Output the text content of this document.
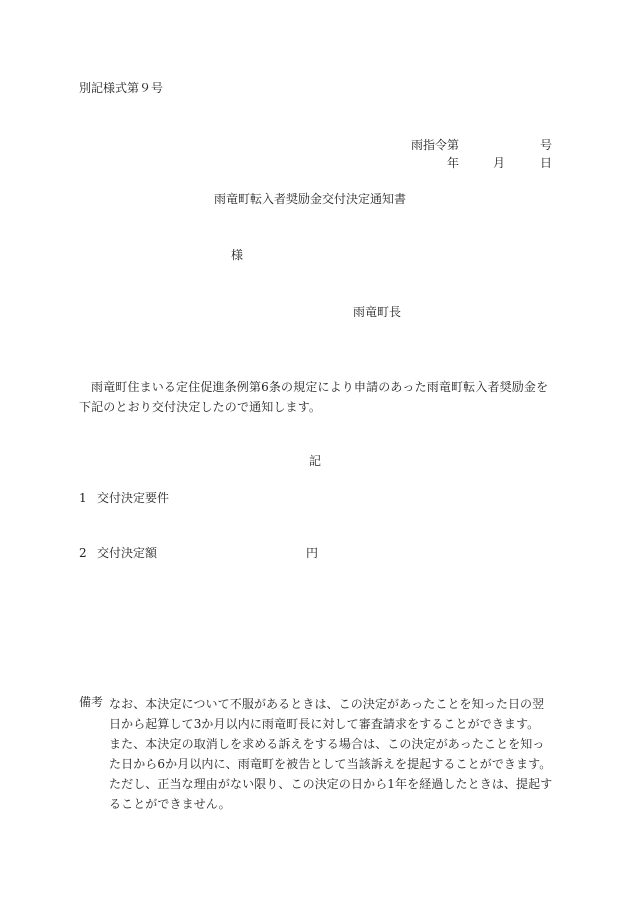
別記様式第９号
雨指令第	号
年	月	日
雨竜町転入者奨励金交付決定通知書
様
雨竜町長
雨竜町住まいる定住促進条例第6条の規定により申請のあった雨竜町転入者奨励金を下記のとおり交付決定したので通知します。
記
1 交付決定要件
2 交付決定額	円
備考 なお、本決定について不服があるときは、この決定があったことを知った日の翌日から起算して3か月以内に雨竜町長に対して審査請求をすることができます。

また、本決定の取消しを求める訴えをする場合は、この決定があったことを知った日から6か月以内に、雨竜町を被告として当該訴えを提起することができます。ただし、正当な理由がない限り、この決定の日から1年を経過したときは、提起することができません。
